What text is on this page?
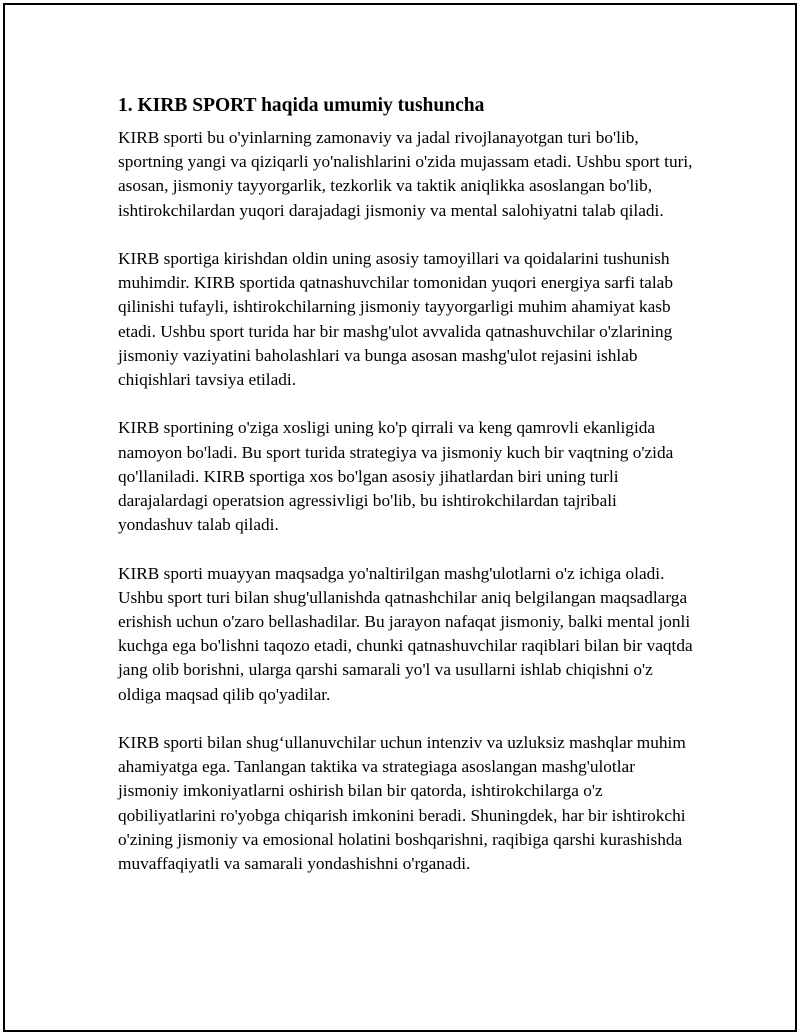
1. KIRB SPORT haqida umumiy tushuncha

KIRB sporti bu o'yinlarning zamonaviy va jadal rivojlanayotgan turi bo'lib, sportning yangi va qiziqarli yo'nalishlarini o'zida mujassam etadi. Ushbu sport turi, asosan, jismoniy tayyorgarlik, tezkorlik va taktik aniqlikka asoslangan bo'lib, ishtirokchilardan yuqori darajadagi jismoniy va mental salohiyatni talab qiladi.

KIRB sportiga kirishdan oldin uning asosiy tamoyillari va qoidalarini tushunish muhimdir. KIRB sportida qatnashuvchilar tomonidan yuqori energiya sarfi talab qilinishi tufayli, ishtirokchilarning jismoniy tayyorgarligi muhim ahamiyat kasb etadi. Ushbu sport turida har bir mashg'ulot avvalida qatnashuvchilar o'zlarining jismoniy vaziyatini baholashlari va bunga asosan mashg'ulot rejasini ishlab chiqishlari tavsiya etiladi.

KIRB sportining o'ziga xosligi uning ko'p qirrali va keng qamrovli ekanligida namoyon bo'ladi. Bu sport turida strategiya va jismoniy kuch bir vaqtning o'zida qo'llaniladi. KIRB sportiga xos bo'lgan asosiy jihatlardan biri uning turli darajalardagi operatsion agressivligi bo'lib, bu ishtirokchilardan tajribali yondashuv talab qiladi.

KIRB sporti muayyan maqsadga yo'naltirilgan mashg'ulotlarni o'z ichiga oladi. Ushbu sport turi bilan shug'ullanishda qatnashchilar aniq belgilangan maqsadlarga erishish uchun o'zaro bellashadilar. Bu jarayon nafaqat jismoniy, balki mental jonli kuchga ega bo'lishni taqozo etadi, chunki qatnashuvchilar raqiblari bilan bir vaqtda jang olib borishni, ularga qarshi samarali yo'l va usullarni ishlab chiqishni o'z oldiga maqsad qilib qo'yadilar.

KIRB sporti bilan shug‘ullanuvchilar uchun intenziv va uzluksiz mashqlar muhim ahamiyatga ega. Tanlangan taktika va strategiaga asoslangan mashg'ulotlar jismoniy imkoniyatlarni oshirish bilan bir qatorda, ishtirokchilarga o'z qobiliyatlarini ro'yobga chiqarish imkonini beradi. Shuningdek, har bir ishtirokchi o'zining jismoniy va emosional holatini boshqarishni, raqibiga qarshi kurashishda muvaffaqiyatli va samarali yondashishni o'rganadi.
